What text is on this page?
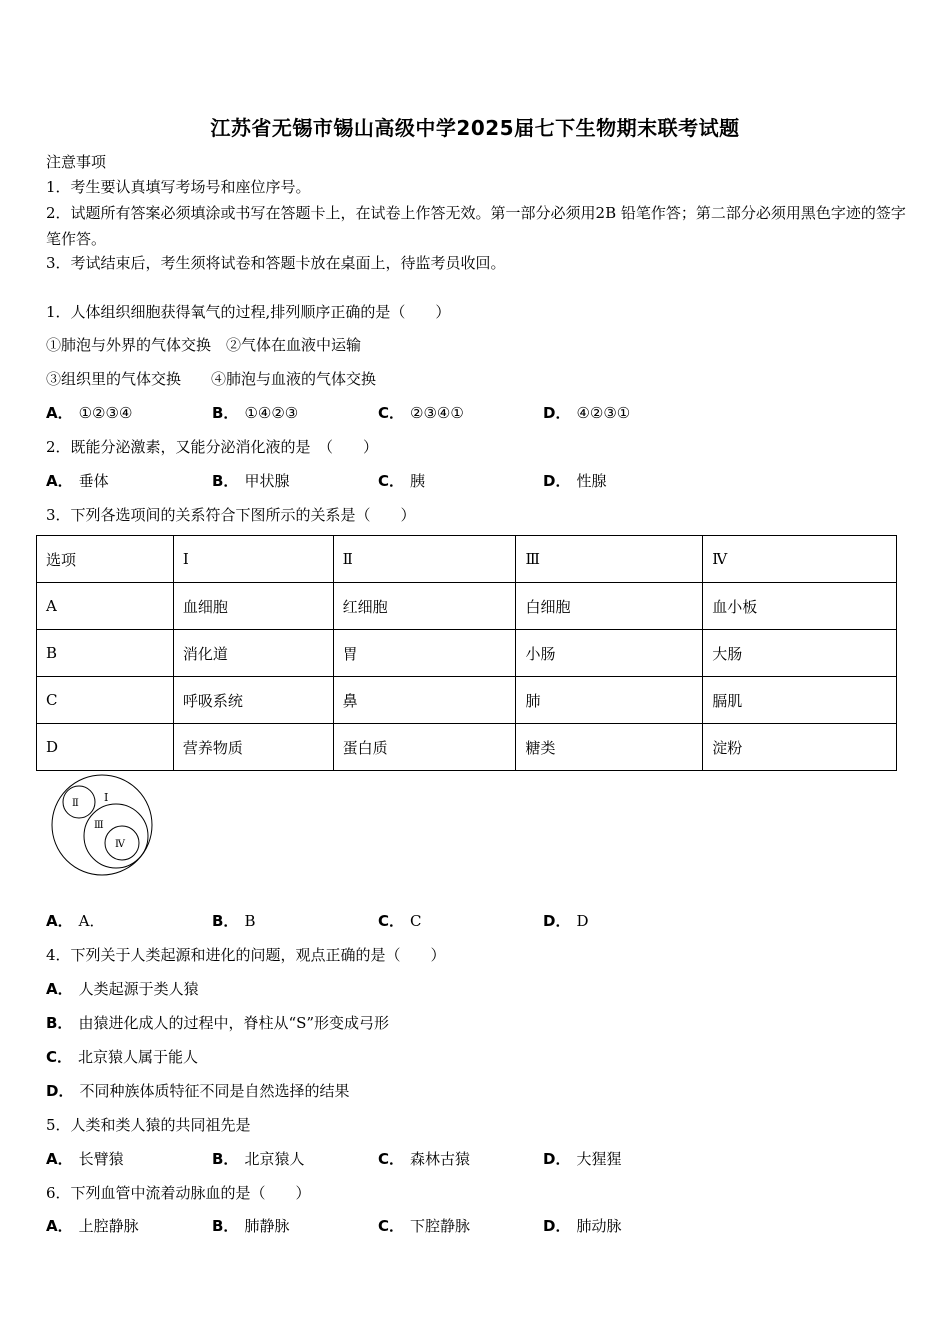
江苏省无锡市锡山高级中学2025届七下生物期末联考试题
注意事项
1．考生要认真填写考场号和座位序号。
2．试题所有答案必须填涂或书写在答题卡上，在试卷上作答无效。第一部分必须用2B 铅笔作答；第二部分必须用黑色字迹的签字笔作答。
3．考试结束后，考生须将试卷和答题卡放在桌面上，待监考员收回。
1．人体组织细胞获得氧气的过程,排列顺序正确的是（　　）
①肺泡与外界的气体交换　②气体在血液中运输
③组织里的气体交换　　④肺泡与血液的气体交换
A． ①②③④	B． ①④②③	C． ②③④①	D． ④②③①
2．既能分泌激素，又能分泌消化液的是　（　　）
A． 垂体	B． 甲状腺	C． 胰	D． 性腺
3．下列各选项间的关系符合下图所示的关系是（　　）
选项	Ⅰ	Ⅱ	Ⅲ	Ⅳ
A	血细胞	红细胞	白细胞	血小板
B	消化道	胃	小肠	大肠
C	呼吸系统	鼻	肺	膈肌
D	营养物质	蛋白质	糖类	淀粉
Ⅰ
Ⅱ
Ⅲ
Ⅳ
A． A．	B． B	C． C	D． D
4．下列关于人类起源和进化的问题，观点正确的是（　　）
A． 人类起源于类人猿
B． 由猿进化成人的过程中，脊柱从“S”形变成弓形
C． 北京猿人属于能人
D． 不同种族体质特征不同是自然选择的结果
5．人类和类人猿的共同祖先是
A． 长臂猿	B． 北京猿人	C． 森林古猿	D． 大猩猩
6．下列血管中流着动脉血的是（　　）
A． 上腔静脉	B． 肺静脉	C． 下腔静脉	D． 肺动脉
